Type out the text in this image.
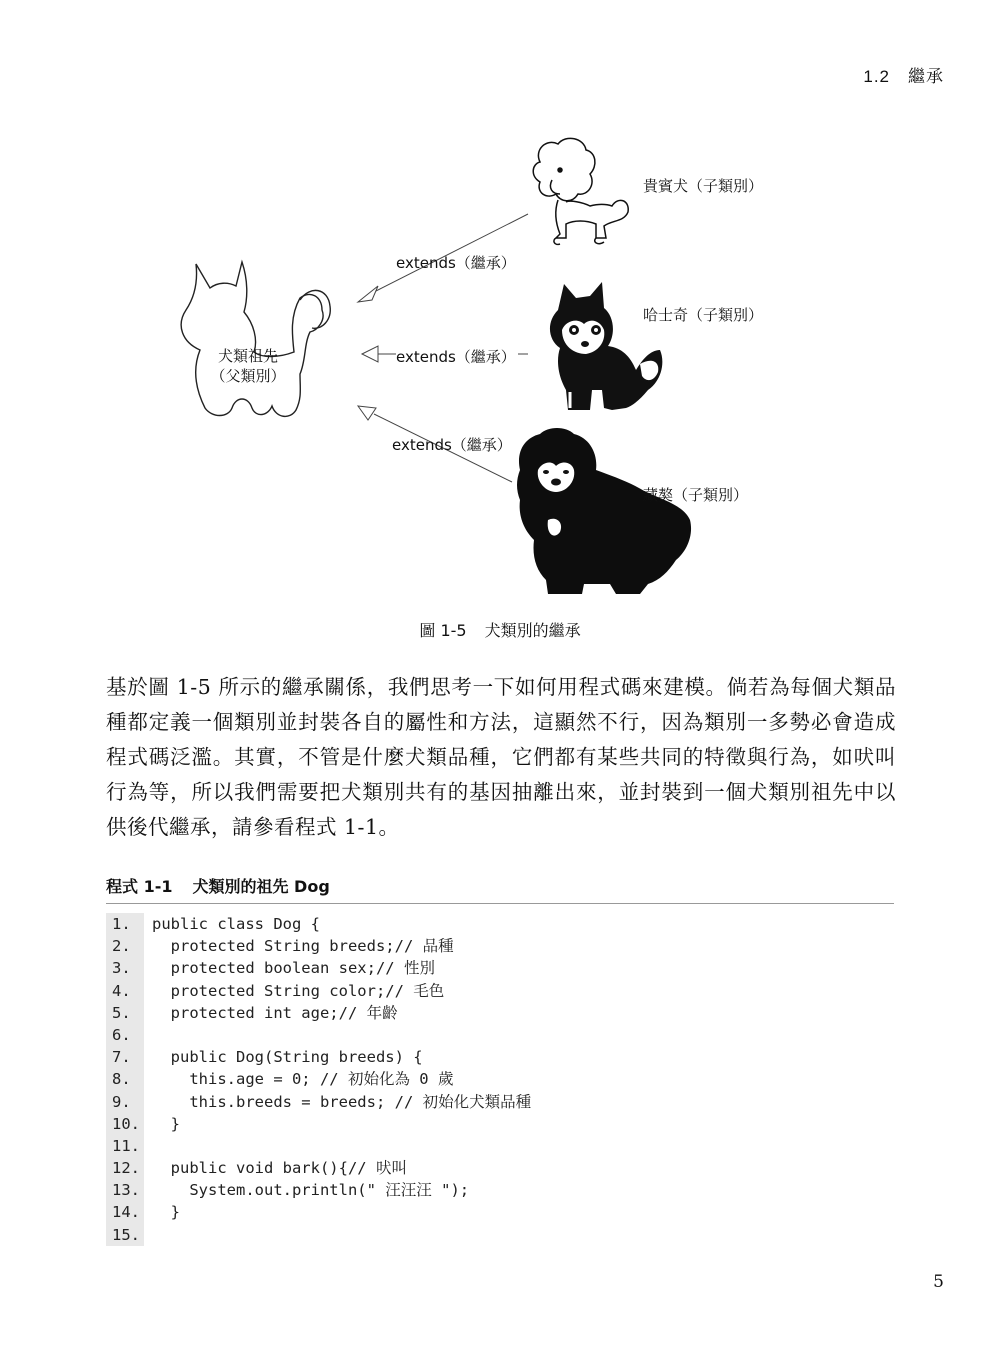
1.2 繼承
犬類祖先
（父類別）
貴賓犬（子類別）
哈士奇（子類別）
藏獒（子類別）
extends（繼承）
extends（繼承）
extends（繼承）
圖 1-5 犬類別的繼承
基於圖 1-5 所示的繼承關係，我們思考一下如何用程式碼來建模。倘若為每個犬類品種都定義一個類別並封裝各自的屬性和方法，這顯然不行，因為類別一多勢必會造成程式碼泛濫。其實，不管是什麼犬類品種，它們都有某些共同的特徵與行為，如吠叫行為等，所以我們需要把犬類別共有的基因抽離出來，並封裝到一個犬類別祖先中以供後代繼承，請參看程式 1-1。
程式 1-1 犬類別的祖先 Dog
1.	public class Dog {
2.	protected String breeds;// 品種
3.	protected boolean sex;// 性別
4.	protected String color;// 毛色
5.	protected int age;// 年齡
6.
7.	public Dog(String breeds) {
8.	this.age = 0; // 初始化為 0 歲
9.	this.breeds = breeds; // 初始化犬類品種
10. }
11.
12. public void bark(){// 吠叫
13. System.out.println(" 汪汪汪 ");
14. }
15.
5
